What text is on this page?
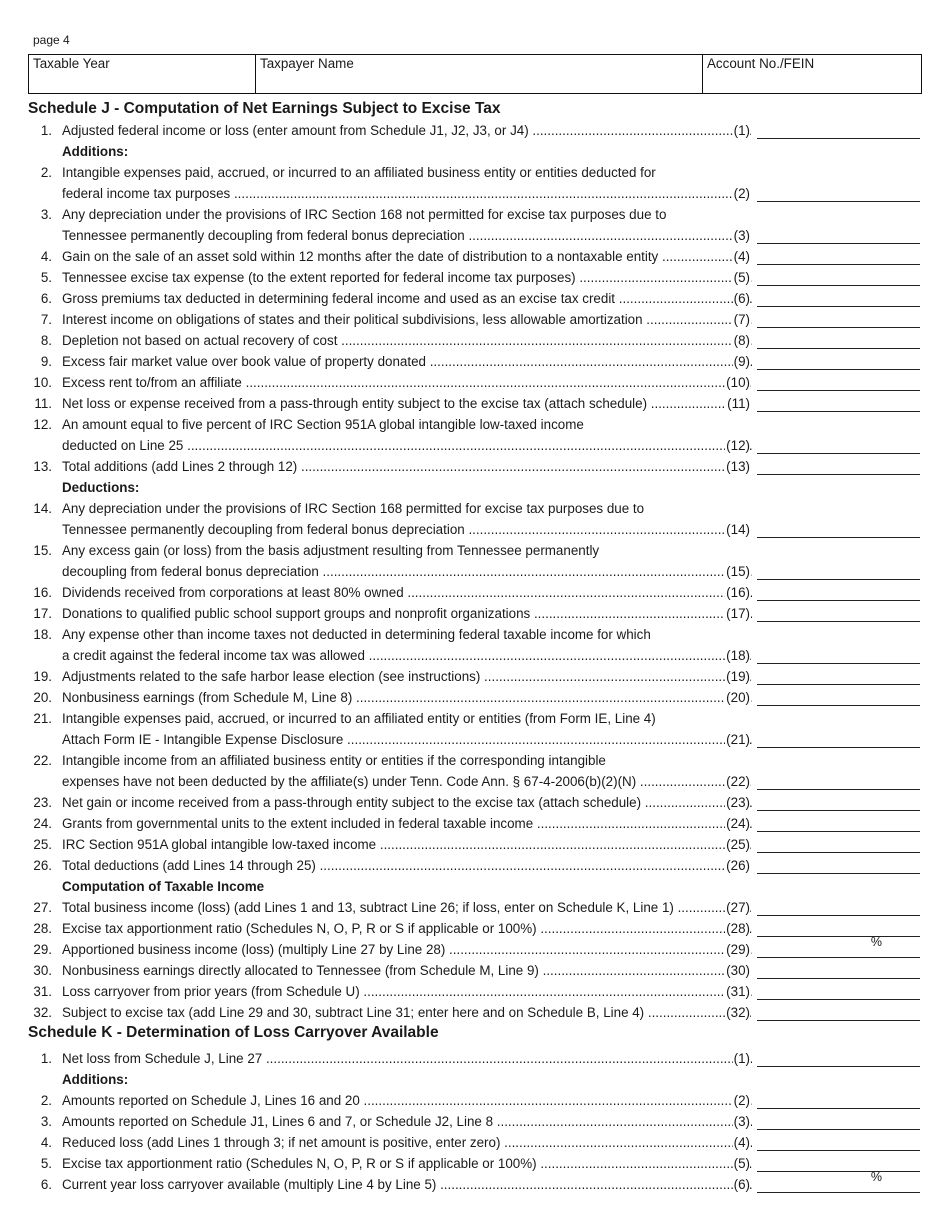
page 4
Taxable Year	Taxpayer Name	Account No./FEIN
Schedule J - Computation of Net Earnings Subject to Excise Tax
1. Adjusted federal income or loss (enter amount from Schedule J1, J2, J3, or J4) .....	(1)
Additions:
2. Intangible expenses paid, accrued, or incurred to an affiliated business entity or entities deducted for
federal income tax purposes .....	(2)
3. Any depreciation under the provisions of IRC Section 168 not permitted for excise tax purposes due to
Tennessee permanently decoupling from federal bonus depreciation .....	(3)
4. Gain on the sale of an asset sold within 12 months after the date of distribution to a nontaxable entity .....	(4)
5. Tennessee excise tax expense (to the extent reported for federal income tax purposes) .....	(5)
6. Gross premiums tax deducted in determining federal income and used as an excise tax credit .....	(6)
7. Interest income on obligations of states and their political subdivisions, less allowable amortization .....	(7)
8. Depletion not based on actual recovery of cost .....	(8)
9. Excess fair market value over book value of property donated .....	(9)
10. Excess rent to/from an affiliate .....	(10)
11. Net loss or expense received from a pass-through entity subject to the excise tax (attach schedule) .....	(11)
12. An amount equal to five percent of IRC Section 951A global intangible low-taxed income
deducted on Line 25 .....	(12)
13. Total additions (add Lines 2 through 12) .....	(13)
Deductions:
14. Any depreciation under the provisions of IRC Section 168 permitted for excise tax purposes due to
Tennessee permanently decoupling from federal bonus depreciation .....	(14)
15. Any excess gain (or loss) from the basis adjustment resulting from Tennessee permanently
decoupling from federal bonus depreciation .....	(15)
16. Dividends received from corporations at least 80% owned .....	(16)
17. Donations to qualified public school support groups and nonprofit organizations .....	(17)
18. Any expense other than income taxes not deducted in determining federal taxable income for which
a credit against the federal income tax was allowed .....	(18)
19. Adjustments related to the safe harbor lease election (see instructions) .....	(19)
20. Nonbusiness earnings (from Schedule M, Line 8) .....	(20)
21. Intangible expenses paid, accrued, or incurred to an affiliated entity or entities (from Form IE, Line 4)
Attach Form IE - Intangible Expense Disclosure .....	(21)
22. Intangible income from an affiliated business entity or entities if the corresponding intangible
expenses have not been deducted by the affiliate(s) under Tenn. Code Ann. § 67-4-2006(b)(2)(N) .....	(22)
23. Net gain or income received from a pass-through entity subject to the excise tax (attach schedule) .....	(23)
24. Grants from governmental units to the extent included in federal taxable income .....	(24)
25. IRC Section 951A global intangible low-taxed income .....	(25)
26. Total deductions (add Lines 14 through 25) .....	(26)
Computation of Taxable Income
27. Total business income (loss) (add Lines 1 and 13, subtract Line 26; if loss, enter on Schedule K, Line 1) .....	(27)
28. Excise tax apportionment ratio (Schedules N, O, P, R or S if applicable or 100%) .....	(28)
%
29. Apportioned business income (loss) (multiply Line 27 by Line 28) .....	(29)
30. Nonbusiness earnings directly allocated to Tennessee (from Schedule M, Line 9) .....	(30)
31. Loss carryover from prior years (from Schedule U) .....	(31)
32. Subject to excise tax (add Line 29 and 30, subtract Line 31; enter here and on Schedule B, Line 4) .....	(32)
Schedule K - Determination of Loss Carryover Available
1. Net loss from Schedule J, Line 27 .....	(1)
Additions:
2. Amounts reported on Schedule J, Lines 16 and 20 .....	(2)
3. Amounts reported on Schedule J1, Lines 6 and 7, or Schedule J2, Line 8 .....	(3)
4. Reduced loss (add Lines 1 through 3; if net amount is positive, enter zero) .....	(4)
5. Excise tax apportionment ratio (Schedules N, O, P, R or S if applicable or 100%) .....	(5)
%
6. Current year loss carryover available (multiply Line 4 by Line 5) .....	(6)
